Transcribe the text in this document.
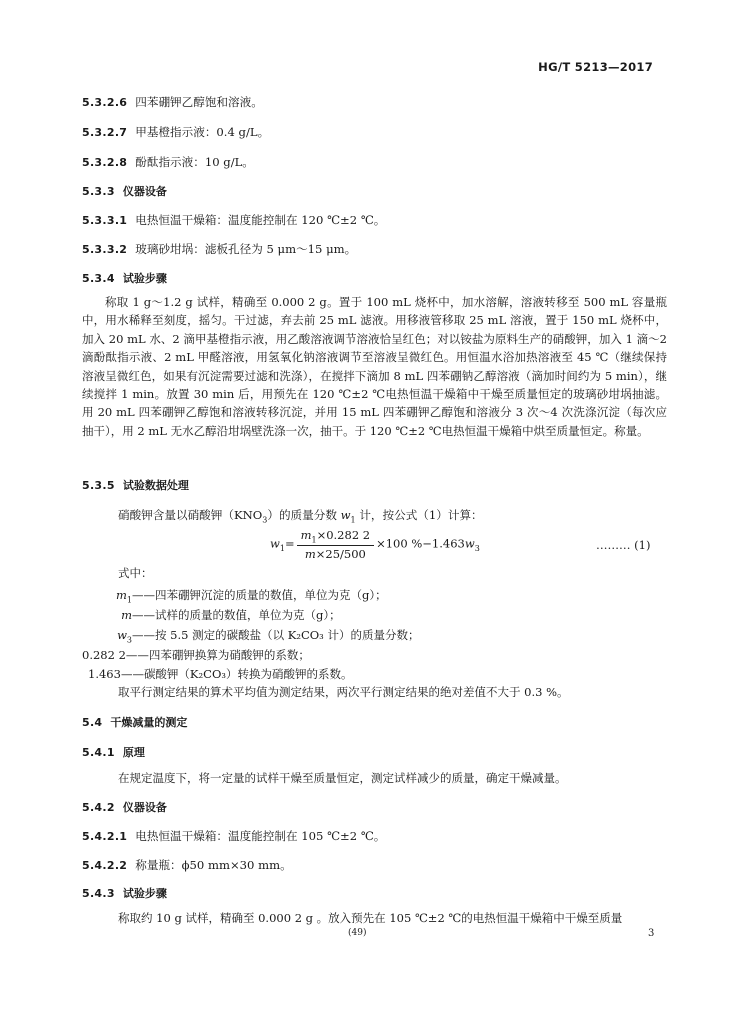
HG/T 5213—2017
5.3.2.6 四苯硼钾乙醇饱和溶液。
5.3.2.7 甲基橙指示液：0.4 g/L。
5.3.2.8 酚酞指示液：10 g/L。
5.3.3 仪器设备
5.3.3.1 电热恒温干燥箱：温度能控制在 120 ℃±2 ℃。
5.3.3.2 玻璃砂坩埚：滤板孔径为 5 μm～15 μm。
5.3.4 试验步骤

称取 1 g～1.2 g 试样，精确至 0.000 2 g。置于 100 mL 烧杯中，加水溶解，溶液转移至 500 mL 容量瓶中，用水稀释至刻度，摇匀。干过滤，弃去前 25 mL 滤液。用移液管移取 25 mL 溶液，置于 150 mL 烧杯中，加入 20 mL 水、2 滴甲基橙指示液，用乙酸溶液调节溶液恰呈红色；对以铵盐为原料生产的硝酸钾，加入 1 滴～2 滴酚酞指示液、2 mL 甲醛溶液，用氢氧化钠溶液调节至溶液呈微红色。用恒温水浴加热溶液至 45 ℃（继续保持溶液呈微红色，如果有沉淀需要过滤和洗涤），在搅拌下滴加 8 mL 四苯硼钠乙醇溶液（滴加时间约为 5 min），继续搅拌 1 min。放置 30 min 后，用预先在 120 ℃±2 ℃电热恒温干燥箱中干燥至质量恒定的玻璃砂坩埚抽滤。用 20 mL 四苯硼钾乙醇饱和溶液转移沉淀，并用 15 mL 四苯硼钾乙醇饱和溶液分 3 次～4 次洗涤沉淀（每次应抽干），用 2 mL 无水乙醇沿坩埚壁洗涤一次，抽干。于 120 ℃±2 ℃电热恒温干燥箱中烘至质量恒定。称量。

5.3.5 试验数据处理
硝酸钾含量以硝酸钾$(KNO_3)$的质量分数 $w_1$ 计，按公式（1）计算：
$w_1= \frac{m_1\times 0.282 2}{m\times 25/500} \times 100$ $\%-1.463w_3$	……… (1)
式中：
$m_1——$四苯硼钾沉淀的质量的数值，单位为克（g）；
m——试样的质量的数值，单位为克（g）；
$w_3——$按 5.5 测定的碳酸盐（以 K₂CO₃ 计）的质量分数；
0.282 2——四苯硼钾换算为硝酸钾的系数；
1.463——碳酸钾（K₂CO₃）转换为硝酸钾的系数。
取平行测定结果的算术平均值为测定结果，两次平行测定结果的绝对差值不大于 0.3 %。
5.4 干燥减量的测定
5.4.1 原理
在规定温度下，将一定量的试样干燥至质量恒定，测定试样减少的质量，确定干燥减量。
5.4.2 仪器设备
5.4.2.1 电热恒温干燥箱：温度能控制在 105 ℃±2 ℃。
5.4.2.2 称量瓶：ϕ50 mm×30 mm。
5.4.3 试验步骤
称取约 10 g 试样，精确至 0.000 2 g 。放入预先在 105 ℃±2 ℃的电热恒温干燥箱中干燥至质量
(49)	3
